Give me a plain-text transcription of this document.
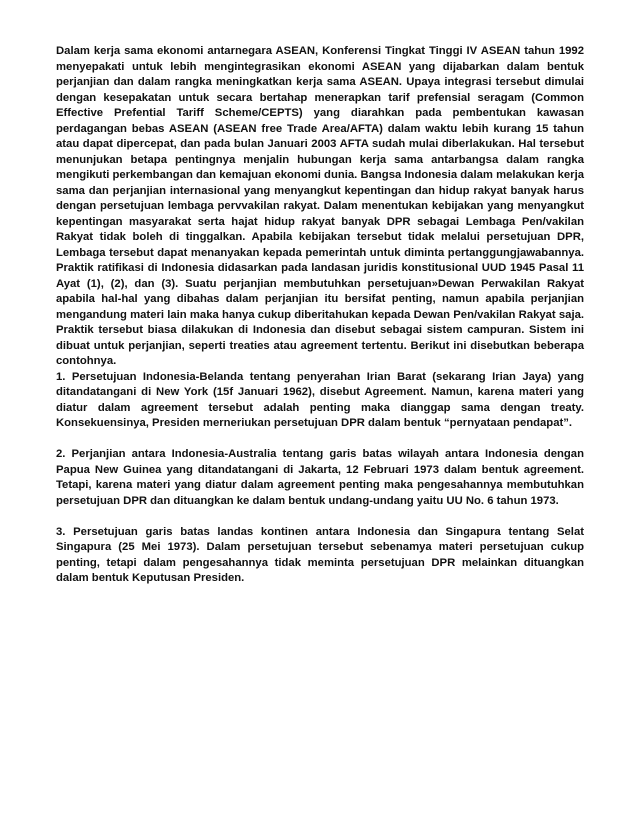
Dalam kerja sama ekonomi antarnegara ASEAN, Konferensi Tingkat Tinggi IV ASEAN tahun 1992 menyepakati untuk lebih mengintegrasikan ekonomi ASEAN yang dijabarkan dalam bentuk perjanjian dan dalam rangka meningkatkan kerja sama ASEAN. Upaya integrasi tersebut dimulai dengan kesepakatan untuk secara bertahap menerapkan tarif prefensial seragam (Common Effective Prefential Tariff Scheme/CEPTS) yang diarahkan pada pembentukan kawasan perdagangan bebas ASEAN (ASEAN free Trade Area/AFTA) dalam waktu lebih kurang 15 tahun atau dapat dipercepat, dan pada bulan Januari 2003 AFTA sudah mulai diberlakukan. Hal tersebut menunjukan betapa pentingnya menjalin hubungan kerja sama antarbangsa dalam rangka mengikuti perkembangan dan kemajuan ekonomi dunia. Bangsa Indonesia dalam melakukan kerja sama dan perjanjian internasional yang menyangkut kepentingan dan hidup rakyat banyak harus dengan persetujuan lembaga pervvakilan rakyat. Dalam menentukan kebijakan yang menyangkut kepentingan masyarakat serta hajat hidup rakyat banyak DPR sebagai Lembaga Pen/vakilan Rakyat tidak boleh di tinggalkan. Apabila kebijakan tersebut tidak melalui persetujuan DPR, Lembaga tersebut dapat menanyakan kepada pemerintah untuk diminta pertanggungjawabannya. Praktik ratifikasi di Indonesia didasarkan pada landasan juridis konstitusional UUD 1945 Pasal 11 Ayat (1), (2), dan (3). Suatu perjanjian membutuhkan persetujuan»Dewan Perwakilan Rakyat apabila hal-hal yang dibahas dalam perjanjian itu bersifat penting, namun apabila perjanjian mengandung materi lain maka hanya cukup diberitahukan kepada Dewan Pen/vakilan Rakyat saja. Praktik tersebut biasa dilakukan di Indonesia dan disebut sebagai sistem campuran. Sistem ini dibuat untuk perjanjian, seperti treaties atau agreement tertentu. Berikut ini disebutkan beberapa contohnya.

1. Persetujuan Indonesia-Belanda tentang penyerahan Irian Barat (sekarang Irian Jaya) yang ditandatangani di New York (15f Januari 1962), disebut Agreement. Namun, karena materi yang diatur dalam agreement tersebut adalah penting maka dianggap sama dengan treaty. Konsekuensinya, Presiden merneriukan persetujuan DPR dalam bentuk “pernyataan pendapat”.

2. Perjanjian antara Indonesia-Australia tentang garis batas wilayah antara Indonesia dengan Papua New Guinea yang ditandatangani di Jakarta, 12 Februari 1973 dalam bentuk agreement. Tetapi, karena materi yang diatur dalam agreement penting maka pengesahannya membutuhkan persetujuan DPR dan dituangkan ke dalam bentuk undang-undang yaitu UU No. 6 tahun 1973.

3. Persetujuan garis batas landas kontinen antara Indonesia dan Singapura tentang Selat Singapura (25 Mei 1973). Dalam persetujuan tersebut sebenamya materi persetujuan cukup penting, tetapi dalam pengesahannya tidak meminta persetujuan DPR melainkan dituangkan dalam bentuk Keputusan Presiden.
